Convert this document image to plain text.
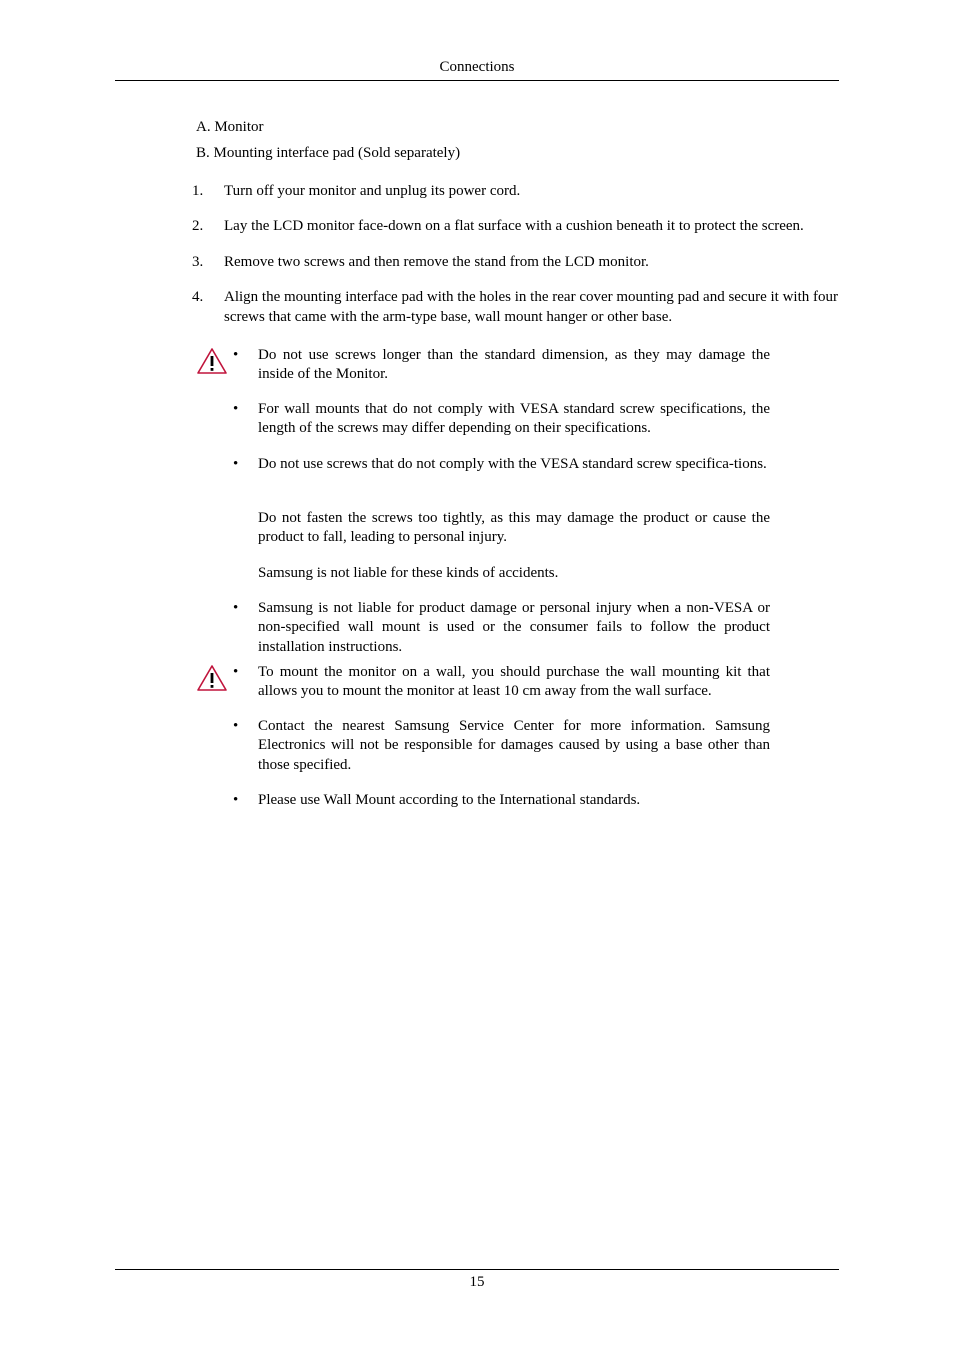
Connections
A. Monitor
B. Mounting interface pad (Sold separately)
1. Turn off your monitor and unplug its power cord.
2. Lay the LCD monitor face-down on a flat surface with a cushion beneath it to protect the screen.
3. Remove two screws and then remove the stand from the LCD monitor.
4. Align the mounting interface pad with the holes in the rear cover mounting pad and secure it with four screws that came with the arm-type base, wall mount hanger or other base.
• Do not use screws longer than the standard dimension, as they may damage the inside of the Monitor.
• For wall mounts that do not comply with VESA standard screw specifications, the length of the screws may differ depending on their specifications.
• Do not use screws that do not comply with the VESA standard screw specifica-tions.
Do not fasten the screws too tightly, as this may damage the product or cause the product to fall, leading to personal injury.
Samsung is not liable for these kinds of accidents.
• Samsung is not liable for product damage or personal injury when a non-VESA or non-specified wall mount is used or the consumer fails to follow the product installation instructions.
• To mount the monitor on a wall, you should purchase the wall mounting kit that allows you to mount the monitor at least 10 cm away from the wall surface.
• Contact the nearest Samsung Service Center for more information. Samsung Electronics will not be responsible for damages caused by using a base other than those specified.
• Please use Wall Mount according to the International standards.
15
